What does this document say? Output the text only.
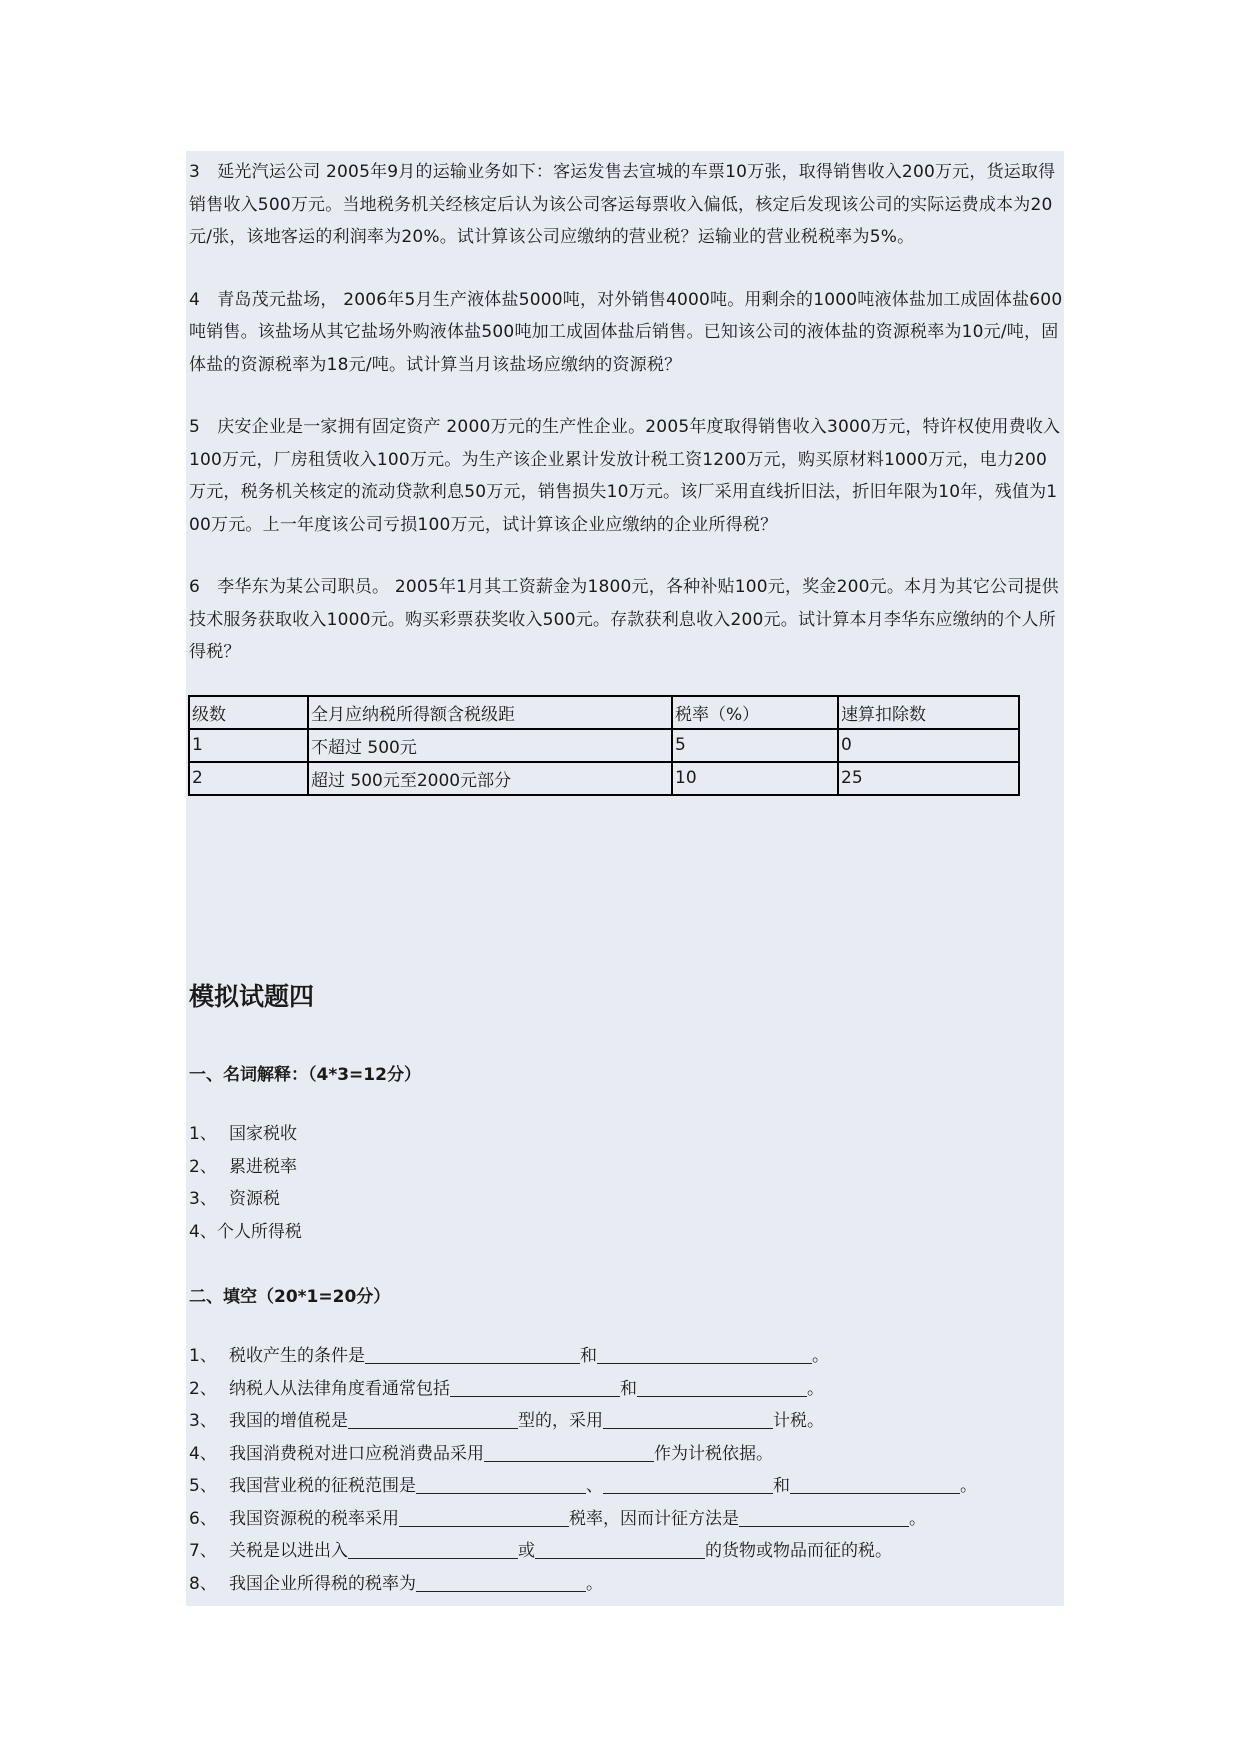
3　延光汽运公司 2005年9月的运输业务如下：客运发售去宣城的车票10万张，取得销售收入200万元，货运取得销售收入500万元。当地税务机关经核定后认为该公司客运每票收入偏低，核定后发现该公司的实际运费成本为20元/张，该地客运的利润率为20%。试计算该公司应缴纳的营业税？运输业的营业税税率为5%。

4　青岛茂元盐场， 2006年5月生产液体盐5000吨，对外销售4000吨。用剩余的1000吨液体盐加工成固体盐600吨销售。该盐场从其它盐场外购液体盐500吨加工成固体盐后销售。已知该公司的液体盐的资源税率为10元/吨，固体盐的资源税率为18元/吨。试计算当月该盐场应缴纳的资源税？

5　庆安企业是一家拥有固定资产 2000万元的生产性企业。2005年度取得销售收入3000万元，特许权使用费收入100万元，厂房租赁收入100万元。为生产该企业累计发放计税工资1200万元，购买原材料1000万元，电力200万元，税务机关核定的流动贷款利息50万元，销售损失10万元。该厂采用直线折旧法，折旧年限为10年，残值为100万元。上一年度该公司亏损100万元，试计算该企业应缴纳的企业所得税？

6　李华东为某公司职员。 2005年1月其工资薪金为1800元，各种补贴100元，奖金200元。本月为其它公司提供技术服务获取收入1000元。购买彩票获奖收入500元。存款获利息收入200元。试计算本月李华东应缴纳的个人所得税？

级数	全月应纳税所得额含税级距	税率（%）	速算扣除数
1	不超过 500元	5	0
2	超过 500元至2000元部分	10	25
模拟试题四

一、名词解释：（4*3=12分）

1、 国家税收
2、 累进税率
3、 资源税
4、个人所得税

二、填空（20*1=20分）

1、 税收产生的条件是	和	。
2、 纳税人从法律角度看通常包括	和	。
3、 我国的增值税是	型的，采用	计税。
4、 我国消费税对进口应税消费品采用	作为计税依据。
5、 我国营业税的征税范围是	、	和	。
6、 我国资源税的税率采用	税率，因而计征方法是	。
7、 关税是以进出入	或	的货物或物品而征的税。
8、 我国企业所得税的税率为	。
